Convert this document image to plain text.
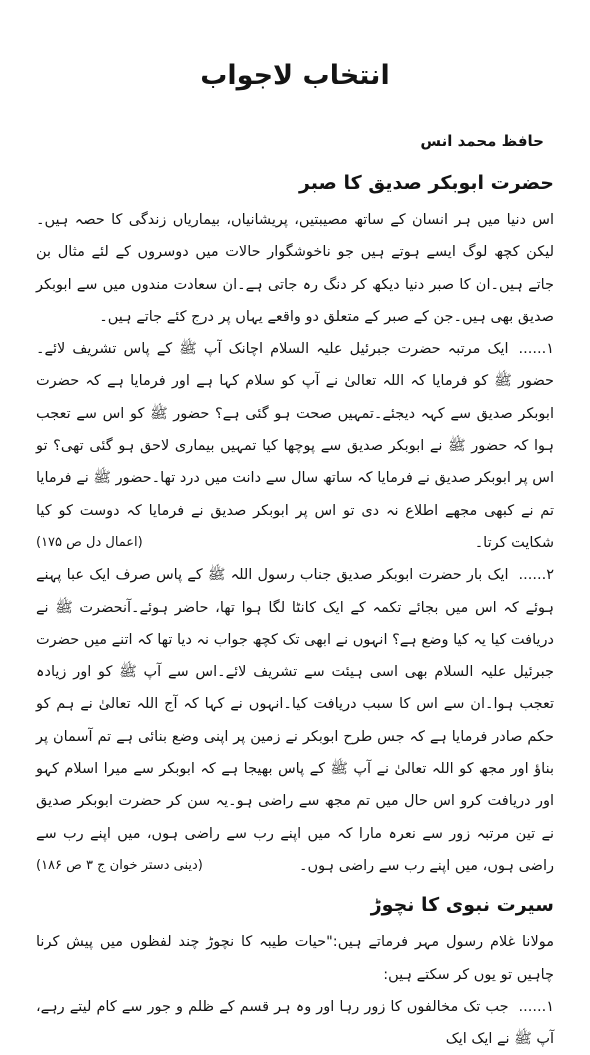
انتخاب لاجواب
حافظ محمد انس
حضرت ابوبکر صدیق کا صبر

اس دنیا میں ہر انسان کے ساتھ مصیبتیں، پریشانیاں، بیماریاں زندگی کا حصہ ہیں۔لیکن کچھ لوگ ایسے ہوتے ہیں جو ناخوشگوار حالات میں دوسروں کے لئے مثال بن جاتے ہیں۔ان کا صبر دنیا دیکھ کر دنگ رہ جاتی ہے۔ان سعادت مندوں میں سے ابوبکر صدیق بھی ہیں۔جن کے صبر کے متعلق دو واقعے یہاں پر درج کئے جاتے ہیں۔

۱......ایک مرتبہ حضرت جبرئیل علیہ السلام اچانک آپ ﷺ کے پاس تشریف لائے۔حضور ﷺ کو فرمایا کہ اللہ تعالیٰ نے آپ کو سلام کہا ہے اور فرمایا ہے کہ حضرت ابوبکر صدیق سے کہہ دیجئے۔تمہیں صحت ہو گئی ہے؟ حضور ﷺ کو اس سے تعجب ہوا کہ حضور ﷺ نے ابوبکر صدیق سے پوچھا کیا تمہیں بیماری لاحق ہو گئی تھی؟ تو اس پر ابوبکر صدیق نے فرمایا کہ ساتھ سال سے دانت میں درد تھا۔حضور ﷺ نے فرمایا تم نے کبھی مجھے اطلاع نہ دی تو اس پر ابوبکر صدیق نے فرمایا کہ دوست کو کیا شکایت کرتا۔
(اعمال دل ص ۱۷۵)

۲......ایک بار حضرت ابوبکر صدیق جناب رسول اللہ ﷺ کے پاس صرف ایک عبا پہنے ہوئے کہ اس میں بجائے تکمہ کے ایک کانٹا لگا ہوا تھا، حاضر ہوئے۔آنحضرت ﷺ نے دریافت کیا یہ کیا وضع ہے؟ انہوں نے ابھی تک کچھ جواب نہ دیا تھا کہ اتنے میں حضرت جبرئیل علیہ السلام بھی اسی ہیئت سے تشریف لائے۔اس سے آپ ﷺ کو اور زیادہ تعجب ہوا۔ان سے اس کا سبب دریافت کیا۔انہوں نے کہا کہ آج اللہ تعالیٰ نے ہم کو حکم صادر فرمایا ہے کہ جس طرح ابوبکر نے زمین پر اپنی وضع بنائی ہے تم آسمان پر بناؤ اور مجھ کو اللہ تعالیٰ نے آپ ﷺ کے پاس بھیجا ہے کہ ابوبکر سے میرا اسلام کہو اور دریافت کرو اس حال میں تم مجھ سے راضی ہو۔یہ سن کر حضرت ابوبکر صدیق نے تین مرتبہ زور سے نعرہ مارا کہ میں اپنے رب سے راضی ہوں، میں اپنے رب سے راضی ہوں، میں اپنے رب سے راضی ہوں۔
(دینی دستر خوان ج ۳ ص ۱۸۶)

سیرت نبوی کا نچوڑ

مولانا غلام رسول مہر فرماتے ہیں:"حیات طیبہ کا نچوڑ چند لفظوں میں پیش کرنا چاہیں تو یوں کر سکتے ہیں:

۱......جب تک مخالفوں کا زور رہا اور وہ ہر قسم کے ظلم و جور سے کام لیتے رہے، آپ ﷺ نے ایک ایک
